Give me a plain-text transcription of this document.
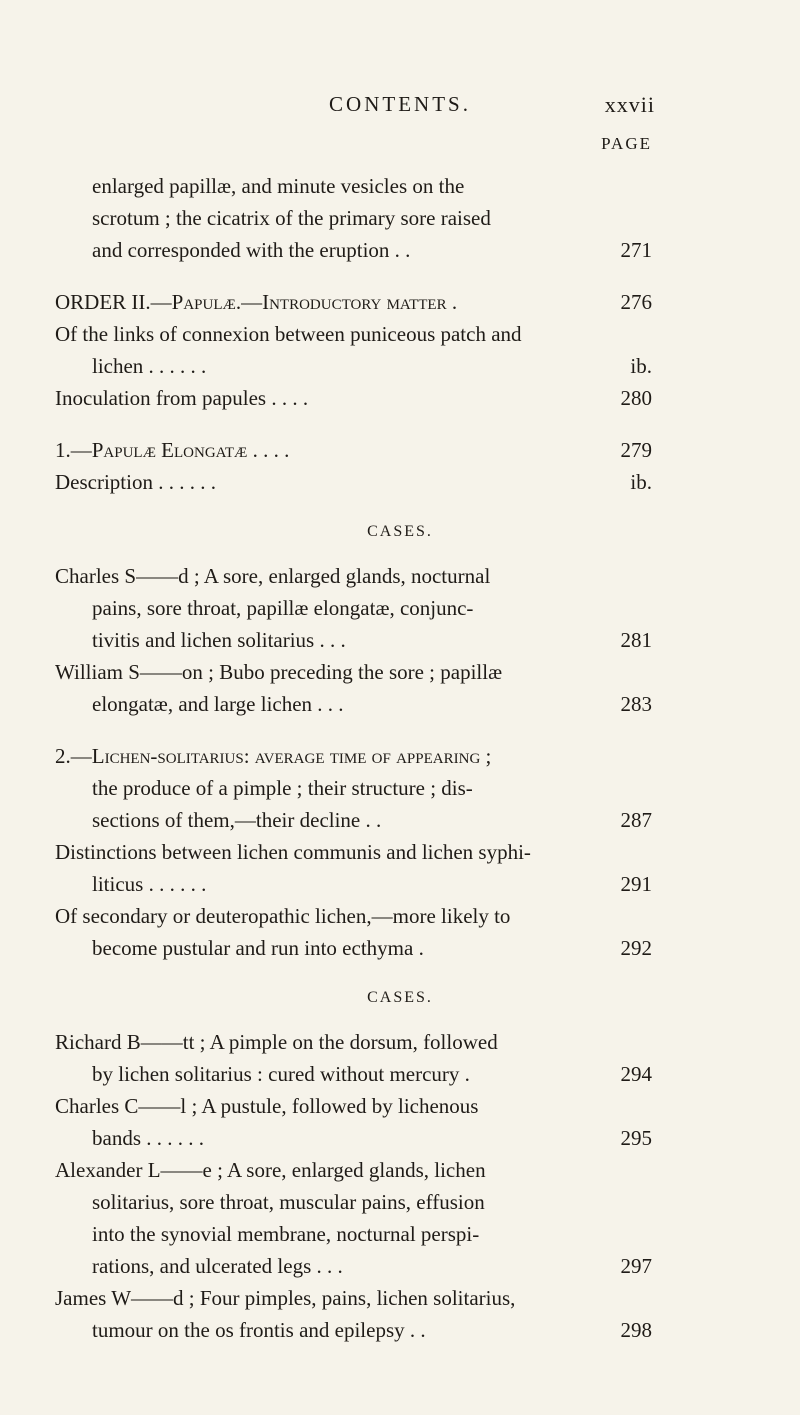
CONTENTS.	xxvii
PAGE
enlarged papillæ, and minute vesicles on the
scrotum ; the cicatrix of the primary sore raised
and corresponded with the eruption . .	271
ORDER II.—Papulæ.—Introductory matter .	276
Of the links of connexion between puniceous patch and
lichen . . . . . .	ib.
Inoculation from papules . . . .	280
1.—Papulæ Elongatæ . . . .	279
Description . . . . . .	ib.
CASES.
Charles S——d ; A sore, enlarged glands, nocturnal
pains, sore throat, papillæ elongatæ, conjunc-
tivitis and lichen solitarius . . .	281
William S——on ; Bubo preceding the sore ; papillæ
elongatæ, and large lichen . . .	283
2.—Lichen-solitarius: average time of appearing ;
the produce of a pimple ; their structure ; dis-
sections of them,—their decline . .	287
Distinctions between lichen communis and lichen syphi-
liticus . . . . . .	291
Of secondary or deuteropathic lichen,—more likely to
become pustular and run into ecthyma .	292
CASES.
Richard B——tt ; A pimple on the dorsum, followed
by lichen solitarius : cured without mercury .	294
Charles C——l ; A pustule, followed by lichenous
bands . . . . . .	295
Alexander L——e ; A sore, enlarged glands, lichen
solitarius, sore throat, muscular pains, effusion
into the synovial membrane, nocturnal perspi-
rations, and ulcerated legs . . .	297
James W——d ; Four pimples, pains, lichen solitarius,
tumour on the os frontis and epilepsy . .	298
